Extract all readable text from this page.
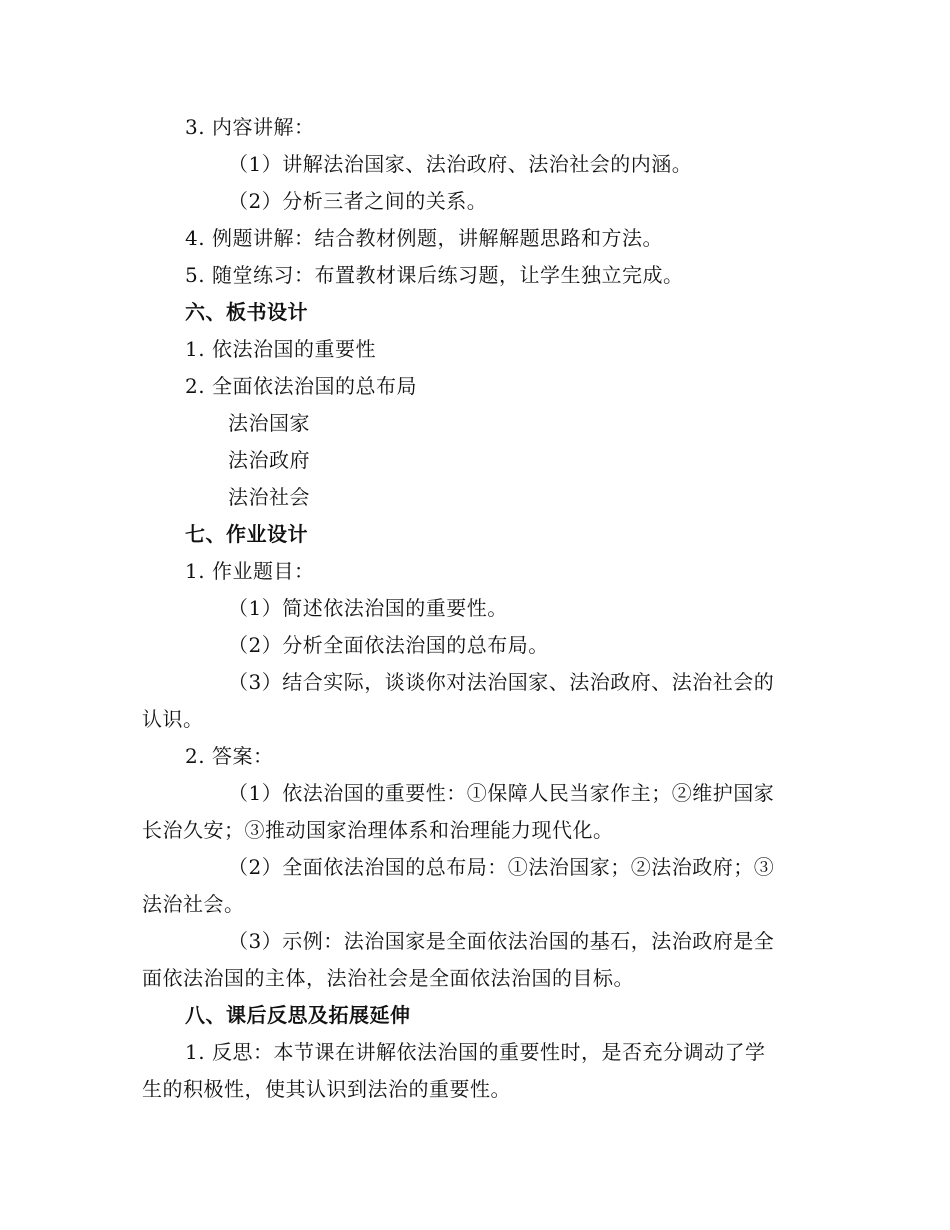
3. 内容讲解：
（1）讲解法治国家、法治政府、法治社会的内涵。
（2）分析三者之间的关系。
4. 例题讲解：结合教材例题，讲解解题思路和方法。
5. 随堂练习：布置教材课后练习题，让学生独立完成。
六、板书设计
1. 依法治国的重要性
2. 全面依法治国的总布局
法治国家
法治政府
法治社会
七、作业设计
1. 作业题目：
（1）简述依法治国的重要性。
（2）分析全面依法治国的总布局。
（3）结合实际，谈谈你对法治国家、法治政府、法治社会的
认识。
2. 答案：
（1）依法治国的重要性：①保障人民当家作主；②维护国家
长治久安；③推动国家治理体系和治理能力现代化。
（2）全面依法治国的总布局：①法治国家；②法治政府；③
法治社会。
（3）示例：法治国家是全面依法治国的基石，法治政府是全
面依法治国的主体，法治社会是全面依法治国的目标。
八、课后反思及拓展延伸
1. 反思：本节课在讲解依法治国的重要性时，是否充分调动了学
生的积极性，使其认识到法治的重要性。
